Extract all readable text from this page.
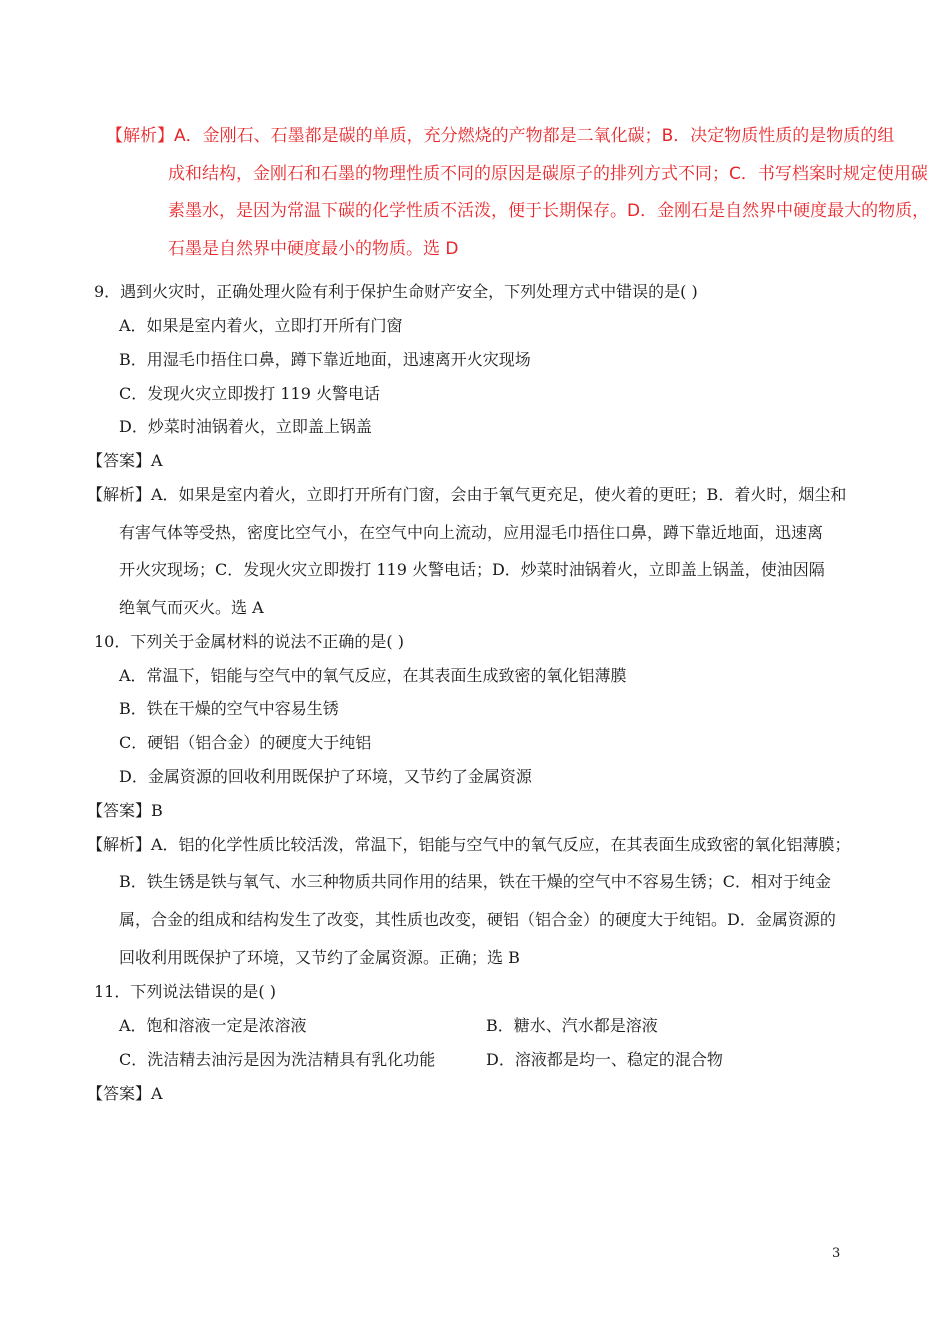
【解析】A．金刚石、石墨都是碳的单质，充分燃烧的产物都是二氧化碳；B．决定物质性质的是物质的组
成和结构，金刚石和石墨的物理性质不同的原因是碳原子的排列方式不同；C．书写档案时规定使用碳
素墨水，是因为常温下碳的化学性质不活泼，便于长期保存。D．金刚石是自然界中硬度最大的物质，
石墨是自然界中硬度最小的物质。选 D
9．遇到火灾时，正确处理火险有利于保护生命财产安全，下列处理方式中错误的是( )
A．如果是室内着火，立即打开所有门窗
B．用湿毛巾捂住口鼻，蹲下靠近地面，迅速离开火灾现场
C．发现火灾立即拨打 119 火警电话
D．炒菜时油锅着火，立即盖上锅盖
【答案】A
【解析】A．如果是室内着火，立即打开所有门窗，会由于氧气更充足，使火着的更旺；B．着火时，烟尘和
有害气体等受热，密度比空气小，在空气中向上流动，应用湿毛巾捂住口鼻，蹲下靠近地面，迅速离
开火灾现场；C．发现火灾立即拨打 119 火警电话；D．炒菜时油锅着火，立即盖上锅盖，使油因隔
绝氧气而灭火。选 A
10．下列关于金属材料的说法不正确的是( )
A．常温下，铝能与空气中的氧气反应，在其表面生成致密的氧化铝薄膜
B．铁在干燥的空气中容易生锈
C．硬铝（铝合金）的硬度大于纯铝
D．金属资源的回收利用既保护了环境，又节约了金属资源
【答案】B
【解析】A．铝的化学性质比较活泼，常温下，铝能与空气中的氧气反应，在其表面生成致密的氧化铝薄膜；
B．铁生锈是铁与氧气、水三种物质共同作用的结果，铁在干燥的空气中不容易生锈；C．相对于纯金
属，合金的组成和结构发生了改变，其性质也改变，硬铝（铝合金）的硬度大于纯铝。D．金属资源的
回收利用既保护了环境，又节约了金属资源。正确；选 B
11．下列说法错误的是( )
A．饱和溶液一定是浓溶液	B．糖水、汽水都是溶液
C．洗洁精去油污是因为洗洁精具有乳化功能	D．溶液都是均一、稳定的混合物
【答案】A
3
